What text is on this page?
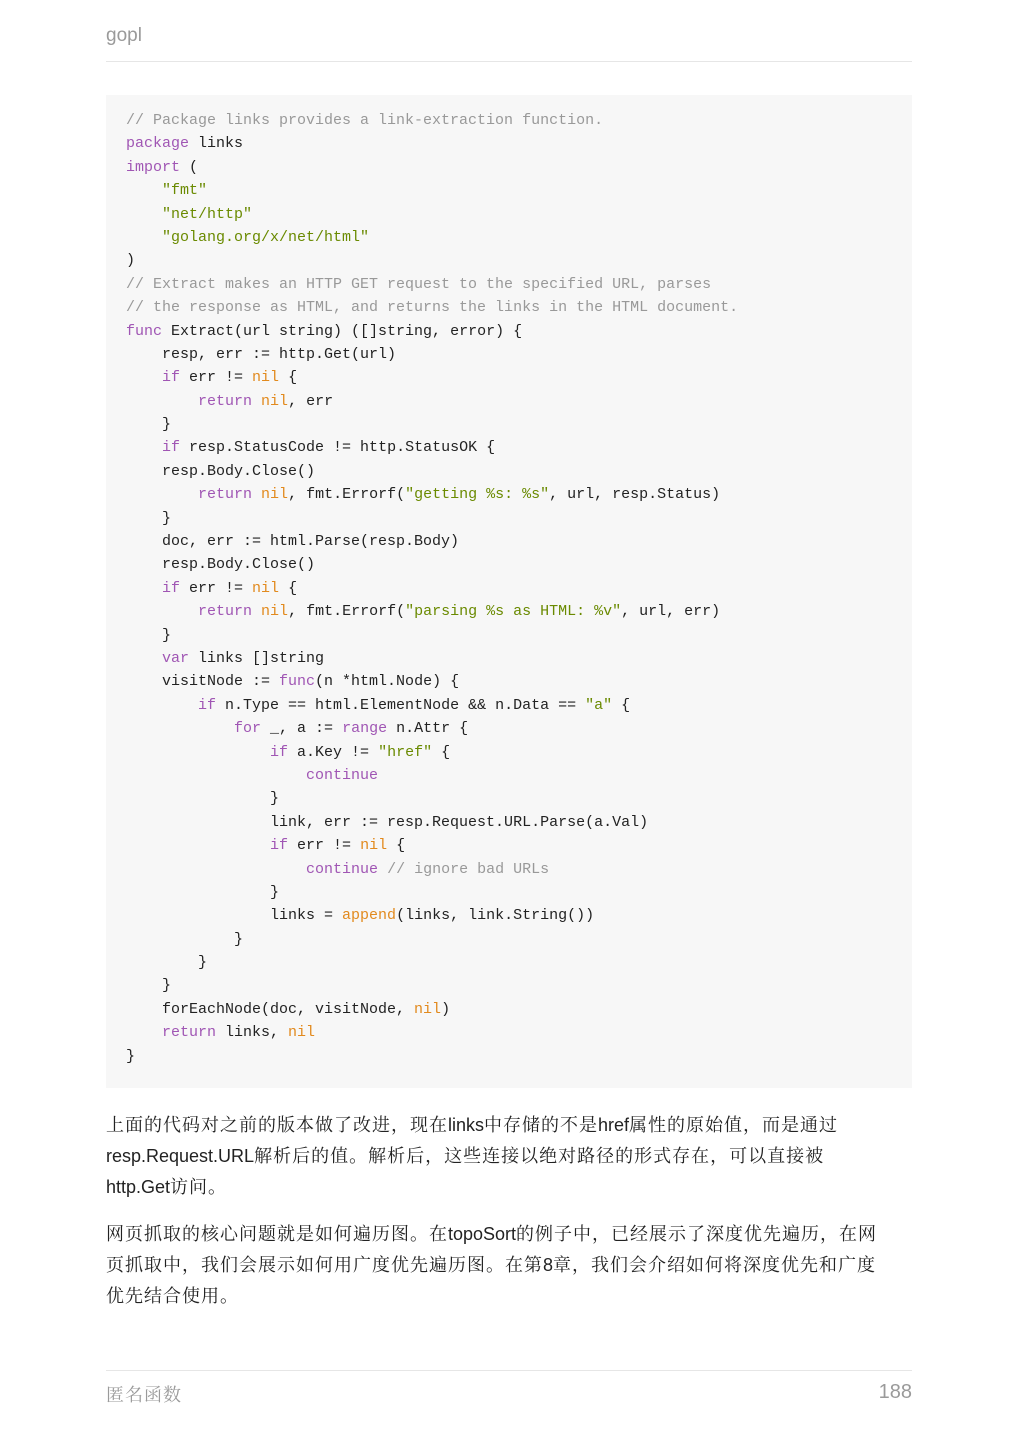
gopl
// Package links provides a link-extraction function.
package links
import (
"fmt"
"net/http"
"golang.org/x/net/html"
)
// Extract makes an HTTP GET request to the specified URL, parses
// the response as HTML, and returns the links in the HTML document.
func Extract(url string) ([]string, error) {
resp, err := http.Get(url)
if err != nil {
return nil, err
}
if resp.StatusCode != http.StatusOK {
resp.Body.Close()
return nil, fmt.Errorf("getting %s: %s", url, resp.Status)
}
doc, err := html.Parse(resp.Body)
resp.Body.Close()
if err != nil {
return nil, fmt.Errorf("parsing %s as HTML: %v", url, err)
}
var links []string
visitNode := func(n *html.Node) {
if n.Type == html.ElementNode && n.Data == "a" {
for _, a := range n.Attr {
if a.Key != "href" {
continue
}
link, err := resp.Request.URL.Parse(a.Val)
if err != nil {
continue // ignore bad URLs
}
links = append(links, link.String())
}
}
}
forEachNode(doc, visitNode, nil)
return links, nil
}
上面的代码对之前的版本做了改进，现在links中存储的不是href属性的原始值，而是通过
resp.Request.URL解析后的值。解析后，这些连接以绝对路径的形式存在，可以直接被
http.Get访问。
网页抓取的核心问题就是如何遍历图。在topoSort的例子中，已经展示了深度优先遍历，在网
页抓取中，我们会展示如何用广度优先遍历图。在第8章，我们会介绍如何将深度优先和广度
优先结合使用。
匿名函数	188
